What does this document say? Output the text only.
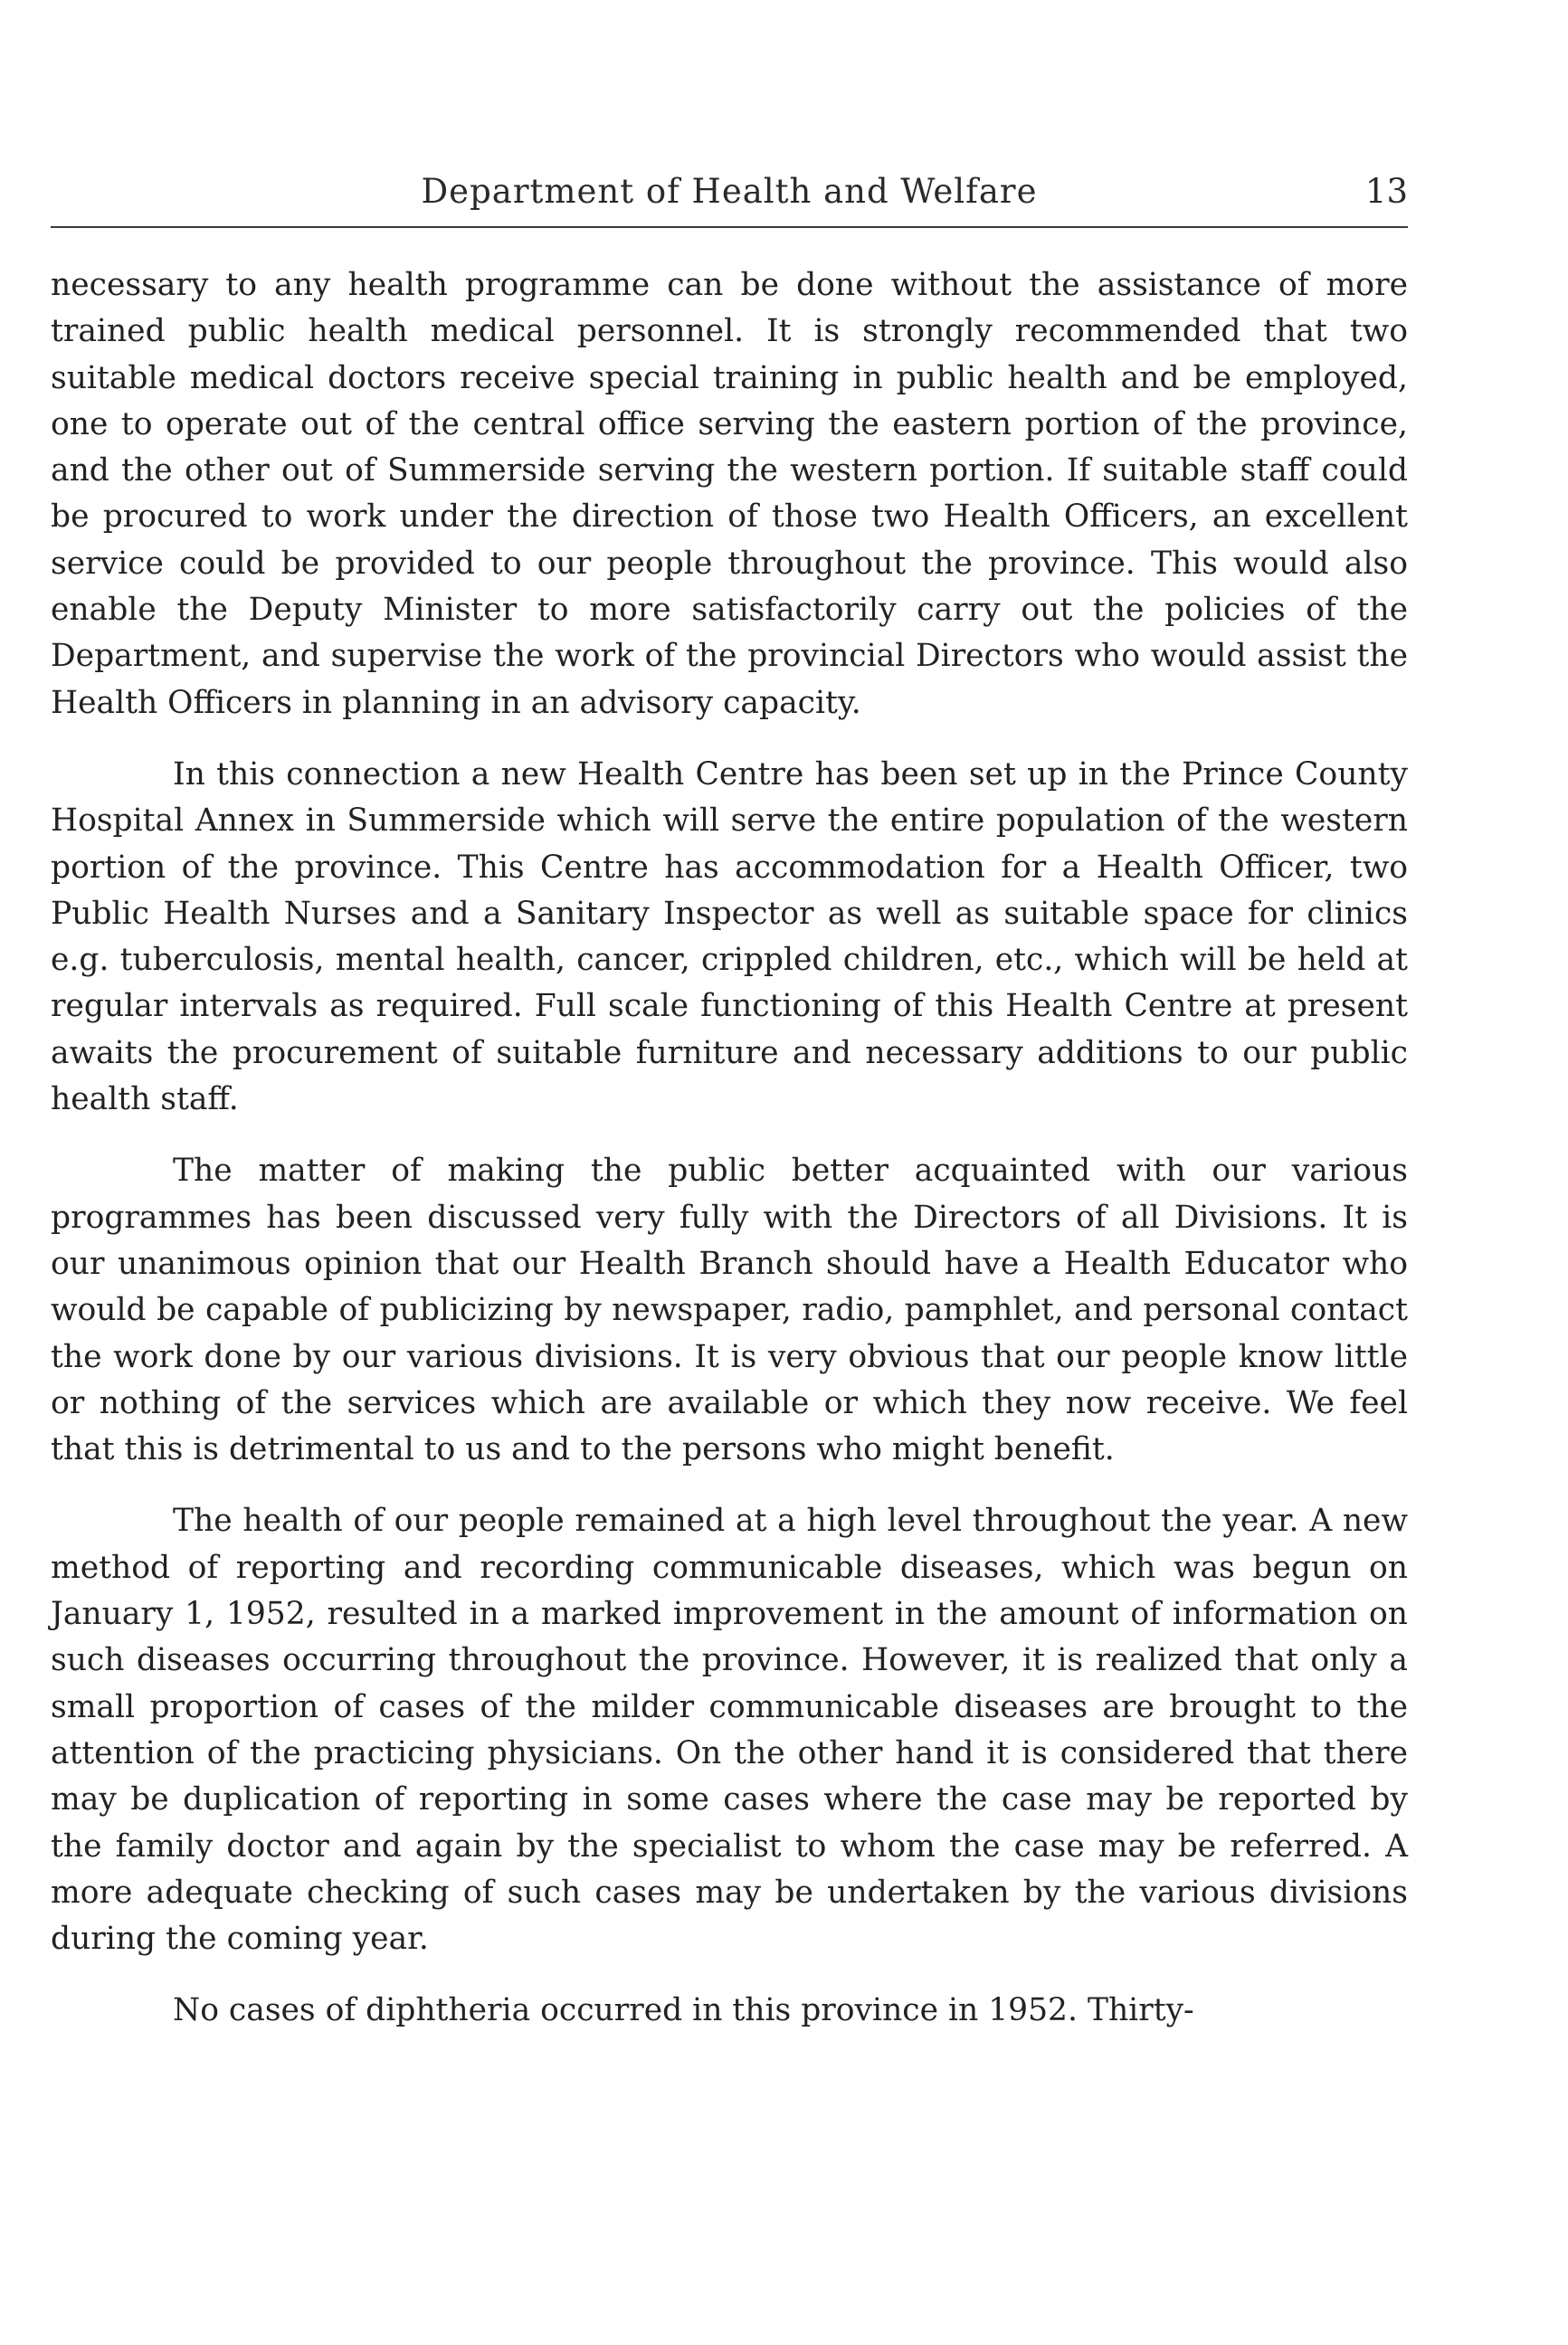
Department of Health and Welfare	13

necessary to any health programme can be done without the assistance of more trained public health medical personnel. It is strongly recommended that two suitable medical doctors receive special training in public health and be employed, one to operate out of the central office serving the eastern portion of the province, and the other out of Summerside serving the western portion. If suitable staff could be procured to work under the direction of those two Health Officers, an excellent service could be provided to our people throughout the province. This would also enable the Deputy Minister to more satisfactorily carry out the policies of the Department, and supervise the work of the provincial Directors who would assist the Health Officers in planning in an advisory capacity.

In this connection a new Health Centre has been set up in the Prince County Hospital Annex in Summerside which will serve the entire population of the western portion of the province. This Centre has accommodation for a Health Officer, two Public Health Nurses and a Sanitary Inspector as well as suitable space for clinics e.g. tuberculosis, mental health, cancer, crippled children, etc., which will be held at regular intervals as required. Full scale functioning of this Health Centre at present awaits the procurement of suitable furniture and necessary additions to our public health staff.

The matter of making the public better acquainted with our various programmes has been discussed very fully with the Directors of all Divisions. It is our unanimous opinion that our Health Branch should have a Health Educator who would be capable of publicizing by newspaper, radio, pamphlet, and personal contact the work done by our various divisions. It is very obvious that our people know little or nothing of the services which are available or which they now receive. We feel that this is detrimental to us and to the persons who might benefit.

The health of our people remained at a high level throughout the year. A new method of reporting and recording communicable diseases, which was begun on January 1, 1952, resulted in a marked improvement in the amount of information on such diseases occurring throughout the province. However, it is realized that only a small proportion of cases of the milder communicable diseases are brought to the attention of the practicing physicians. On the other hand it is considered that there may be duplication of reporting in some cases where the case may be reported by the family doctor and again by the specialist to whom the case may be referred. A more adequate checking of such cases may be undertaken by the various divisions during the coming year.

No cases of diphtheria occurred in this province in 1952. Thirty-
